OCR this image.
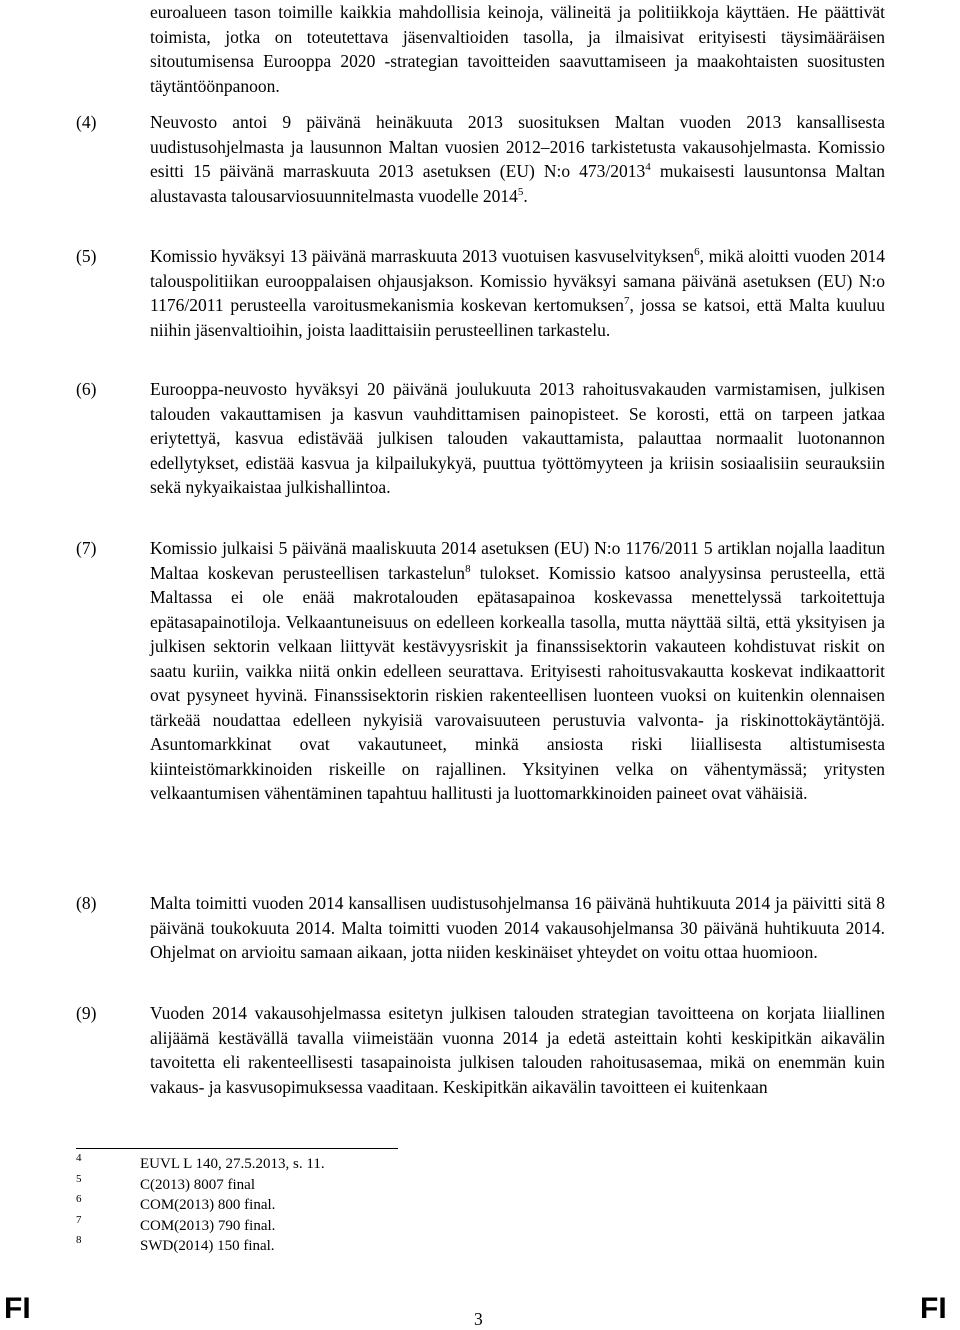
euroalueen tason toimille kaikkia mahdollisia keinoja, välineitä ja politiikkoja käyttäen. He päättivät toimista, jotka on toteutettava jäsenvaltioiden tasolla, ja ilmaisivat erityisesti täysimääräisen sitoutumisensa Eurooppa 2020 -strategian tavoitteiden saavuttamiseen ja maakohtaisten suositusten täytäntöönpanoon.
(4)	Neuvosto antoi 9 päivänä heinäkuuta 2013 suosituksen Maltan vuoden 2013 kansallisesta uudistusohjelmasta ja lausunnon Maltan vuosien 2012–2016 tarkistetusta vakausohjelmasta. Komissio esitti 15 päivänä marraskuuta 2013 asetuksen (EU) N:o 473/2013$^4$ mukaisesti lausuntonsa Maltan alustavasta talousarviosuunnitelmasta vuodelle 2014$^5$.
(5)	Komissio hyväksyi 13 päivänä marraskuuta 2013 vuotuisen kasvuselvityksen$^6$, mikä aloitti vuoden 2014 talouspolitiikan eurooppalaisen ohjausjakson. Komissio hyväksyi samana päivänä asetuksen (EU) N:o 1176/2011 perusteella varoitusmekanismia koskevan kertomuksen$^7$, jossa se katsoi, että Malta kuuluu niihin jäsenvaltioihin, joista laadittaisiin perusteellinen tarkastelu.
(6)	Eurooppa-neuvosto hyväksyi 20 päivänä joulukuuta 2013 rahoitusvakauden varmistamisen, julkisen talouden vakauttamisen ja kasvun vauhdittamisen painopisteet. Se korosti, että on tarpeen jatkaa eriytettyä, kasvua edistävää julkisen talouden vakauttamista, palauttaa normaalit luotonannon edellytykset, edistää kasvua ja kilpailukykyä, puuttua työttömyyteen ja kriisin sosiaalisiin seurauksiin sekä nykyaikaistaa julkishallintoa.
(7)	Komissio julkaisi 5 päivänä maaliskuuta 2014 asetuksen (EU) N:o 1176/2011 5 artiklan nojalla laaditun Maltaa koskevan perusteellisen tarkastelun$^8$ tulokset. Komissio katsoo analyysinsa perusteella, että Maltassa ei ole enää makrotalouden epätasapainoa koskevassa menettelyssä tarkoitettuja epätasapainotiloja. Velkaantuneisuus on edelleen korkealla tasolla, mutta näyttää siltä, että yksityisen ja julkisen sektorin velkaan liittyvät kestävyysriskit ja finanssisektorin vakauteen kohdistuvat riskit on saatu kuriin, vaikka niitä onkin edelleen seurattava. Erityisesti rahoitusvakautta koskevat indikaattorit ovat pysyneet hyvinä. Finanssisektorin riskien rakenteellisen luonteen vuoksi on kuitenkin olennaisen tärkeää noudattaa edelleen nykyisiä varovaisuuteen perustuvia valvonta- ja riskinottokäytäntöjä. Asuntomarkkinat ovat vakautuneet, minkä ansiosta riski liiallisesta altistumisesta kiinteistömarkkinoiden riskeille on rajallinen. Yksityinen velka on vähentymässä; yritysten velkaantumisen vähentäminen tapahtuu hallitusti ja luottomarkkinoiden paineet ovat vähäisiä.
(8)	Malta toimitti vuoden 2014 kansallisen uudistusohjelmansa 16 päivänä huhtikuuta 2014 ja päivitti sitä 8 päivänä toukokuuta 2014. Malta toimitti vuoden 2014 vakausohjelmansa 30 päivänä huhtikuuta 2014. Ohjelmat on arvioitu samaan aikaan, jotta niiden keskinäiset yhteydet on voitu ottaa huomioon.
(9)	Vuoden 2014 vakausohjelmassa esitetyn julkisen talouden strategian tavoitteena on korjata liiallinen alijäämä kestävällä tavalla viimeistään vuonna 2014 ja edetä asteittain kohti keskipitkän aikavälin tavoitetta eli rakenteellisesti tasapainoista julkisen talouden rahoitusasemaa, mikä on enemmän kuin vakaus- ja kasvusopimuksessa vaaditaan. Keskipitkän aikavälin tavoitteen ei kuitenkaan
4	EUVL L 140, 27.5.2013, s. 11.
5	C(2013) 8007 final
6	COM(2013) 800 final.
7	COM(2013) 790 final.
8	SWD(2014) 150 final.
FI	3	FI
